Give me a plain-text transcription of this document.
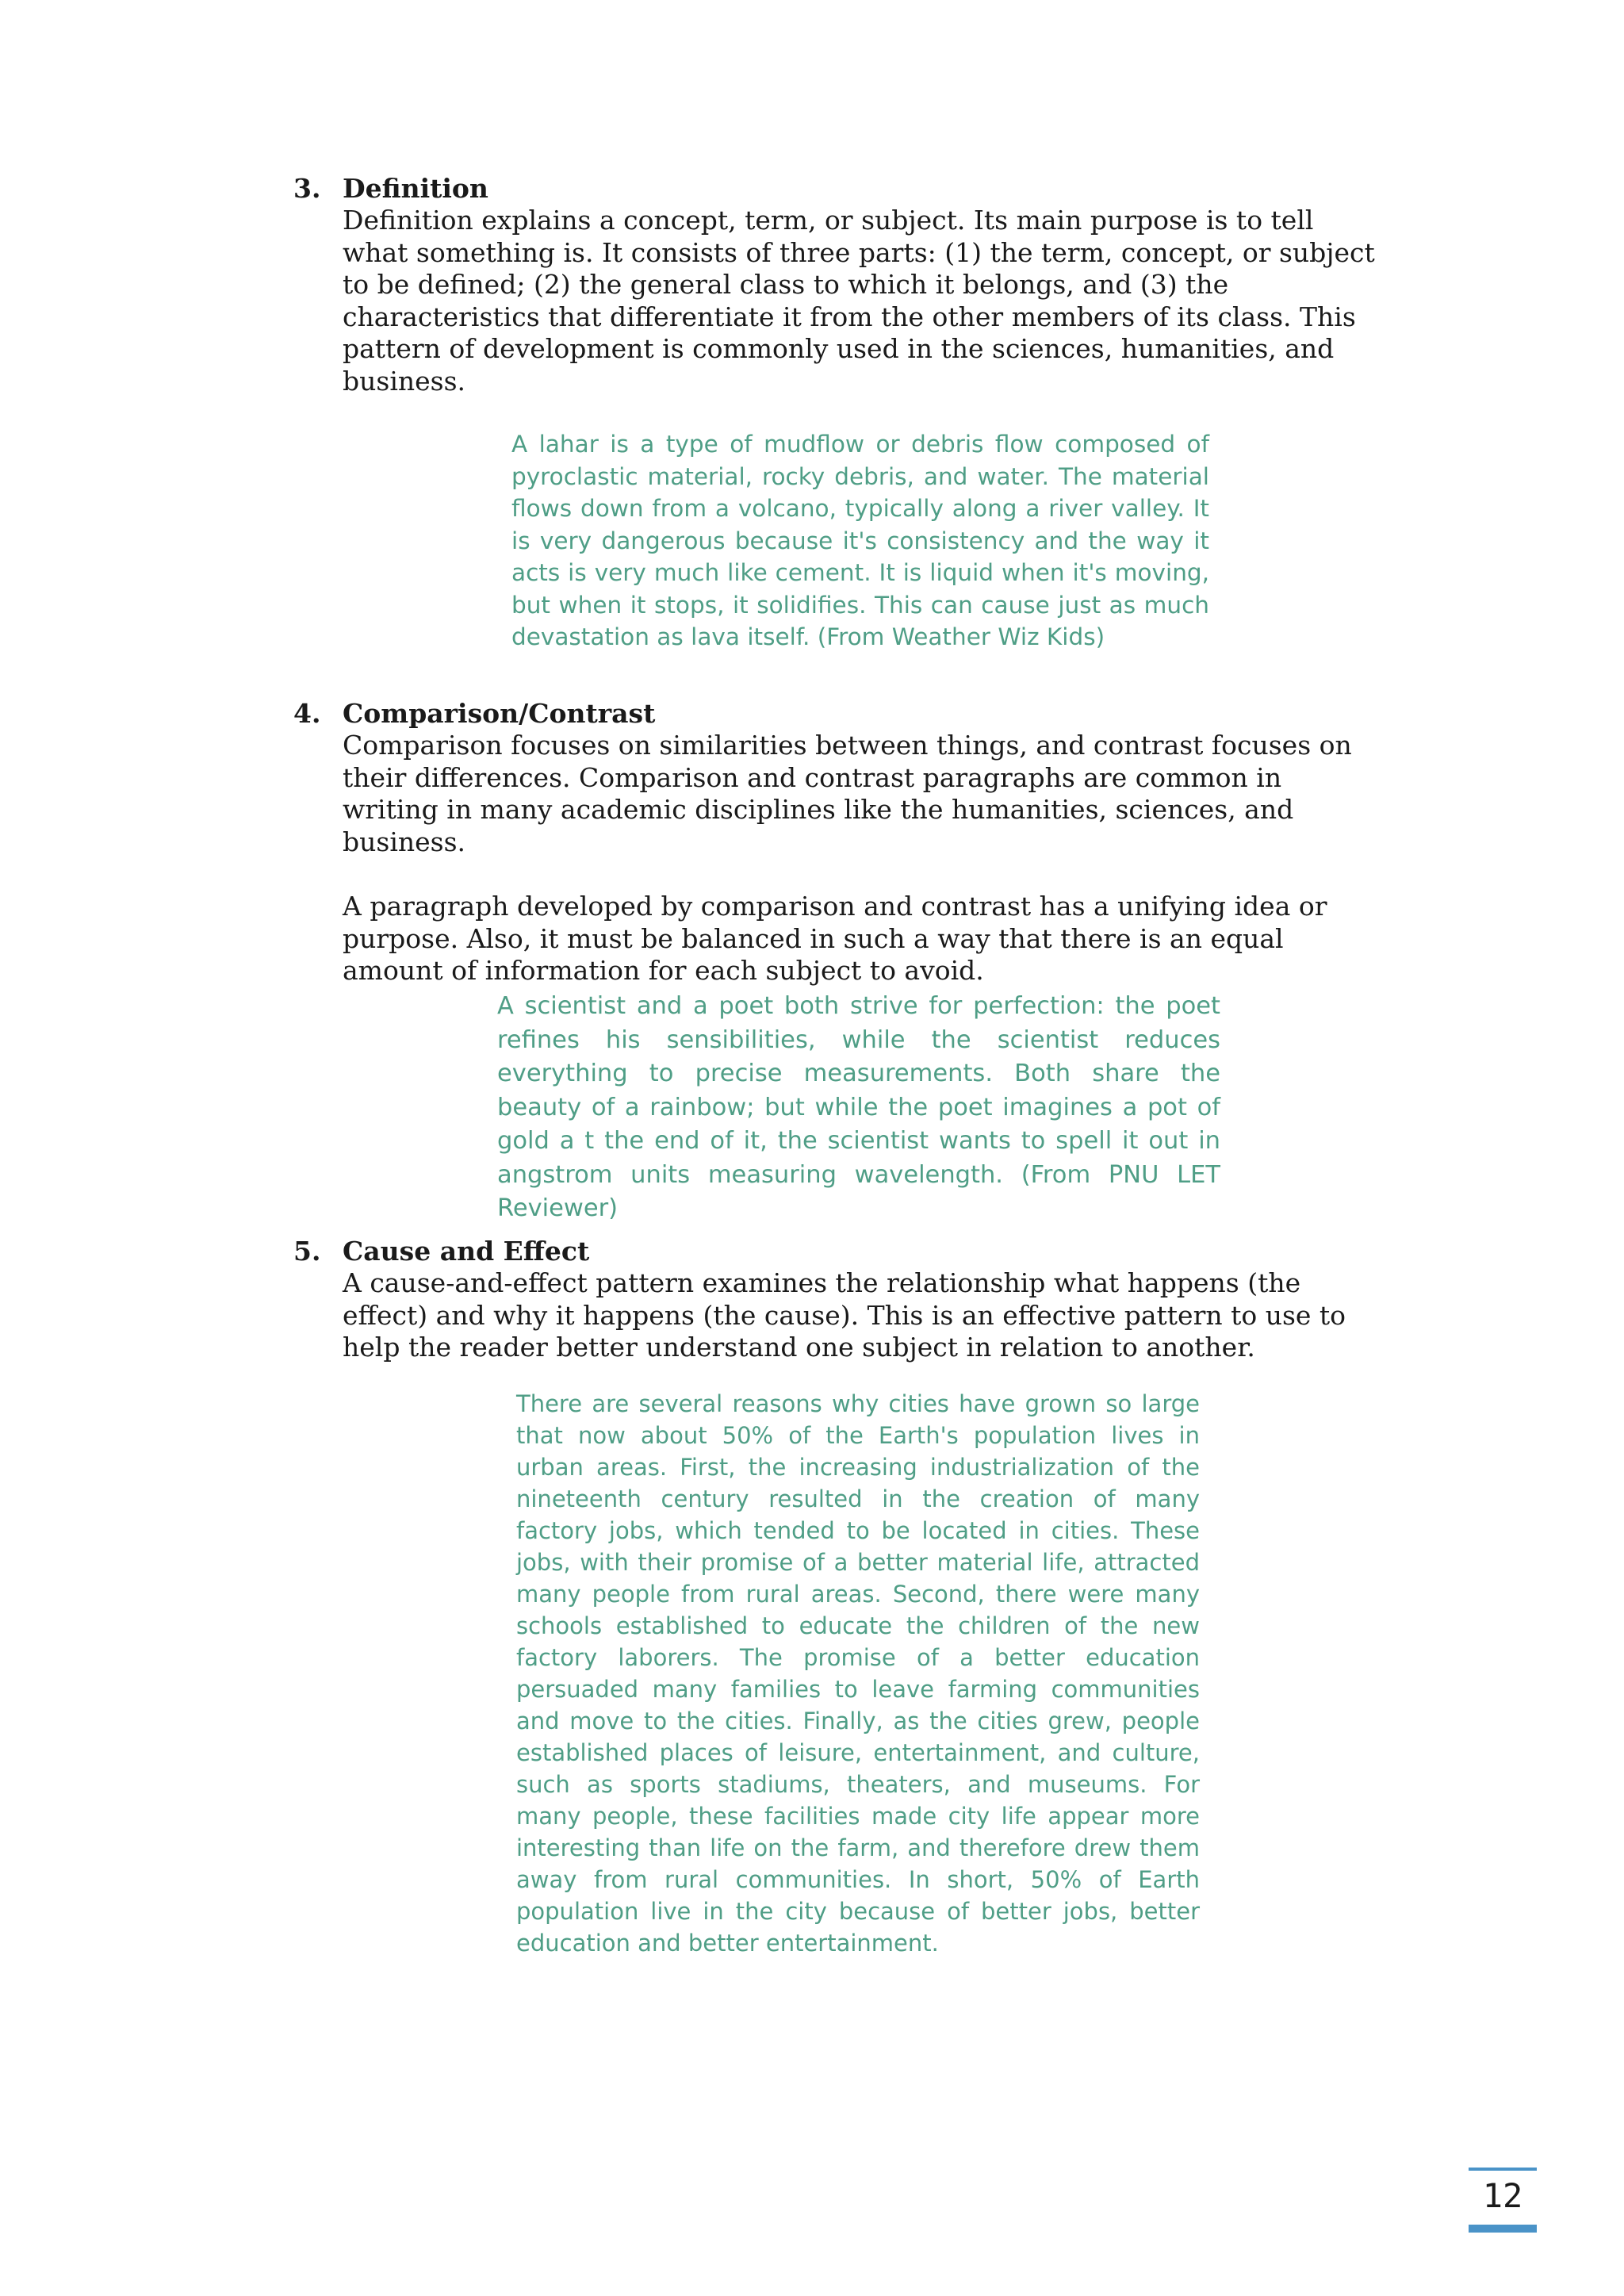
3. Definition
Definition explains a concept, term, or subject. Its main purpose is to tell what something is. It consists of three parts: (1) the term, concept, or subject to be defined; (2) the general class to which it belongs, and (3) the characteristics that differentiate it from the other members of its class. This pattern of development is commonly used in the sciences, humanities, and business.
A lahar is a type of mudflow or debris flow composed of pyroclastic material, rocky debris, and water. The material flows down from a volcano, typically along a river valley. It is very dangerous because it's consistency and the way it acts is very much like cement. It is liquid when it's moving, but when it stops, it solidifies. This can cause just as much devastation as lava itself. (From Weather Wiz Kids)
4. Comparison/Contrast
Comparison focuses on similarities between things, and contrast focuses on their differences. Comparison and contrast paragraphs are common in writing in many academic disciplines like the humanities, sciences, and business.
A paragraph developed by comparison and contrast has a unifying idea or purpose. Also, it must be balanced in such a way that there is an equal amount of information for each subject to avoid.
A scientist and a poet both strive for perfection: the poet refines his sensibilities, while the scientist reduces everything to precise measurements. Both share the beauty of a rainbow; but while the poet imagines a pot of gold a t the end of it, the scientist wants to spell it out in angstrom units measuring wavelength. (From PNU LET Reviewer)
5. Cause and Effect
A cause-and-effect pattern examines the relationship what happens (the effect) and why it happens (the cause). This is an effective pattern to use to help the reader better understand one subject in relation to another.
There are several reasons why cities have grown so large that now about 50% of the Earth's population lives in urban areas. First, the increasing industrialization of the nineteenth century resulted in the creation of many factory jobs, which tended to be located in cities. These jobs, with their promise of a better material life, attracted many people from rural areas. Second, there were many schools established to educate the children of the new factory laborers. The promise of a better education persuaded many families to leave farming communities and move to the cities. Finally, as the cities grew, people established places of leisure, entertainment, and culture, such as sports stadiums, theaters, and museums. For many people, these facilities made city life appear more interesting than life on the farm, and therefore drew them away from rural communities. In short, 50% of Earth population live in the city because of better jobs, better education and better entertainment.
12
